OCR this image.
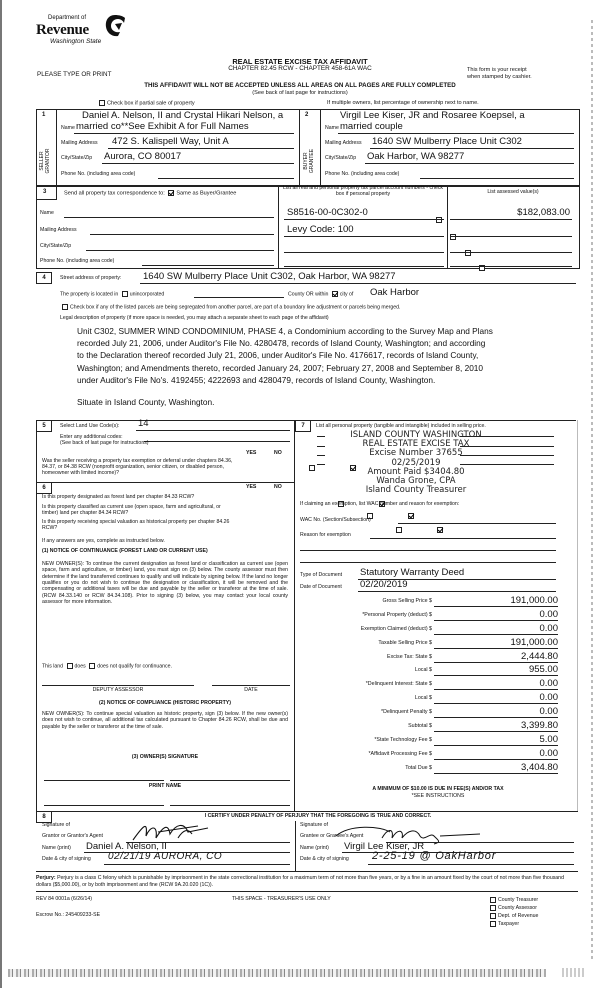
Department of
Revenue
Washington State
PLEASE TYPE OR PRINT
REAL ESTATE EXCISE TAX AFFIDAVIT
CHAPTER 82.45 RCW - CHAPTER 458-61A WAC	This form is your receipt
when stamped by cashier.
THIS AFFIDAVIT WILL NOT BE ACCEPTED UNLESS ALL AREAS ON ALL PAGES ARE FULLY COMPLETED
(See back of last page for instructions)
Check box if partial sale of property	If multiple owners, list percentage of ownership next to name.
1
SELLER GRANTOR
Daniel A. Nelson, II and Crystal Hikari Nelson, a
Name married co**See Exhibit A for Full Names
Mailing Address 472 S. Kalispell Way, Unit A
City/State/Zip Aurora, CO 80017
Phone No. (including area code)
2
BUYER GRANTEE
Virgil Lee Kiser, JR and Rosaree Koepsel, a
Name married couple
Mailing Address 1640 SW Mulberry Place Unit C302
City/State/Zip Oak Harbor, WA 98277
Phone No. (including area code)
3	Send all property tax correspondence to: Same as Buyer/Grantee
List all real and personal property tax parcel account numbers - check box if personal property	List assessed value(s)
Name
Mailing Address
City/State/Zip
Phone No. (including area code)
S8516-00-0C302-0
	$182,083.00
Levy Code: 100

4	Street address of property: 1640 SW Mulberry Place Unit C302, Oak Harbor, WA 98277
The property is located in unincorporated	County OR within city of Oak Harbor
Check box if any of the listed parcels are being segregated from another parcel, are part of a boundary line adjustment or parcels being merged.
Legal description of property (if more space is needed, you may attach a separate sheet to each page of the affidavit)
Unit C302, SUMMER WIND CONDOMINIUM, PHASE 4, a Condominium according to the Survey Map and Plans
recorded July 21, 2006, under Auditor's File No. 4280478, records of Island County, Washington; and according
to the Declaration thereof recorded July 21, 2006, under Auditor's File No. 4176617, records of Island County,
Washington; and Amendments thereto, recorded January 24, 2007; February 27, 2008 and September 8, 2010
under Auditor's File No's. 4192455; 4222693 and 4280479, records of Island County, Washington.
Situate in Island County, Washington.
5	Select Land Use Code(s): 14
Enter any additional codes:
(See back of last page for instructions)
YES	NO
Was the seller receiving a property tax exemption or deferral under chapters 84.36, 84.37, or 84.38 RCW (nonprofit organization, senior citizen, or disabled person, homeowner with limited income)?

6	YES	NO
Is this property designated as forest land per chapter 84.33 RCW?

Is this property classified as current use (open space, farm and agricultural, or timber) land per chapter 84.34 RCW?

Is this property receiving special valuation as historical property per chapter 84.26 RCW?

If any answers are yes, complete as instructed below.
(1) NOTICE OF CONTINUANCE (FOREST LAND OR CURRENT USE)
NEW OWNER(S): To continue the current designation as forest land or classification as current use (open space, farm and agriculture, or timber) land, you must sign on (3) below. The county assessor must then determine if the land transferred continues to qualify and will indicate by signing below. If the land no longer qualifies or you do not wish to continue the designation or classification, it will be removed and the compensating or additional taxes will be due and payable by the seller or transferor at the time of sale. (RCW 84.33.140 or RCW 84.34.108). Prior to signing (3) below, you may contact your local county assessor for more information.
This land does does not qualify for continuance.
DEPUTY ASSESSOR	DATE
(2) NOTICE OF COMPLIANCE (HISTORIC PROPERTY)
NEW OWNER(S): To continue special valuation as historic property, sign (3) below. If the new owner(s) does not wish to continue, all additional tax calculated pursuant to Chapter 84.26 RCW, shall be due and payable by the seller or transferor at the time of sale.
(3) OWNER(S) SIGNATURE
PRINT NAME
7	List all personal property (tangible and intangible) included in selling price.
ISLAND COUNTY WASHINGTON
REAL ESTATE EXCISE TAX
Excise Number 37655
02/25/2019
Amount Paid $3404.80
Wanda Grone, CPA
Island County Treasurer
If claiming an exemption, list WAC number and reason for exemption:
WAC No. (Section/Subsection)
Reason for exemption
Type of Document Statutory Warranty Deed
Date of Document 02/20/2019
Gross Selling Price $	191,000.00
*Personal Property (deduct) $	0.00
Exemption Claimed (deduct) $	0.00
Taxable Selling Price $	191,000.00
Excise Tax: State $	2,444.80
Local $	955.00
*Delinquent Interest: State $	0.00
Local $	0.00
*Delinquent Penalty $	0.00
Subtotal $	3,399.80
*State Technology Fee $	5.00
*Affidavit Processing Fee $	0.00
Total Due $	3,404.80
A MINIMUM OF $10.00 IS DUE IN FEE(S) AND/OR TAX
*SEE INSTRUCTIONS
8	I CERTIFY UNDER PENALTY OF PERJURY THAT THE FOREGOING IS TRUE AND CORRECT.
Signature of
Grantor or Grantor's Agent
Name (print) Daniel A. Nelson, II
Date & city of signing 02/21/19 AURORA, CO
Signature of
Grantee or Grantee's Agent
Name (print) Virgil Lee Kiser, JR
Date & city of signing 2-25-19 @ OakHarbor
Perjury: Perjury is a class C felony which is punishable by imprisonment in the state correctional institution for a maximum term of not more than five years, or by a fine in an amount fixed by the court of not more than five thousand dollars ($5,000.00), or by both imprisonment and fine (RCW 9A.20.020 (1C)).
REV 84 0001a (6/26/14)	THIS SPACE - TREASURER'S USE ONLY
Escrow No.: 245409233-SE
County Treasurer
County Assessor
Dept. of Revenue
Taxpayer
